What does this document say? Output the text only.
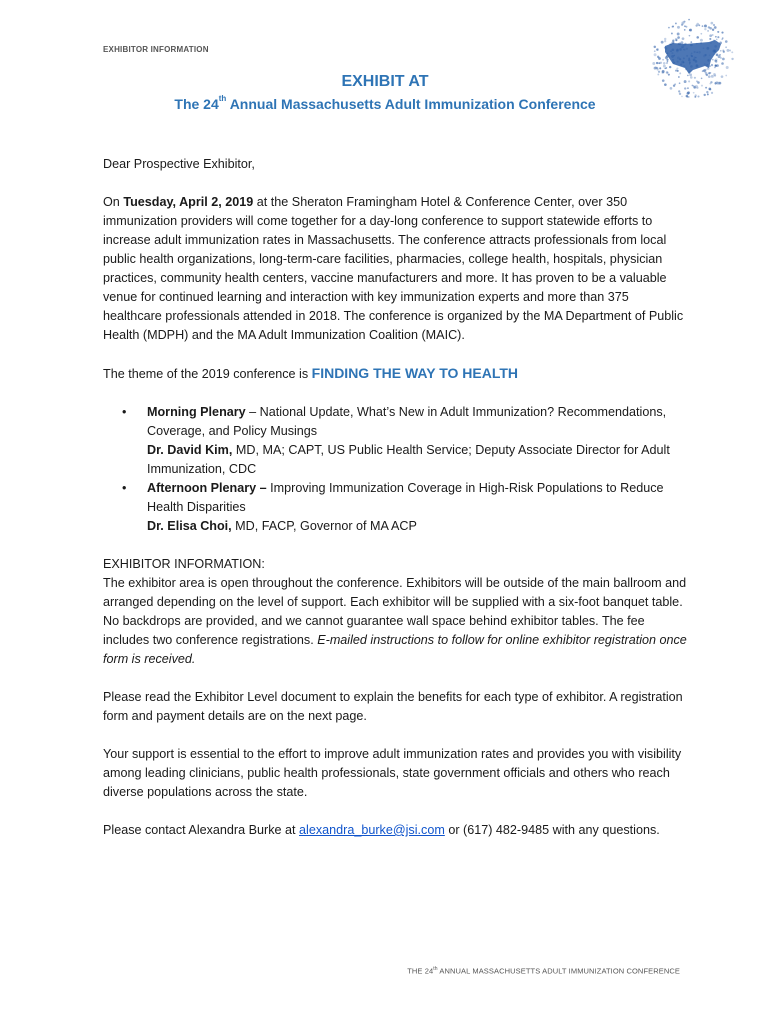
EXHIBITOR INFORMATION
EXHIBIT AT
The 24th Annual Massachusetts Adult Immunization Conference

Dear Prospective Exhibitor,

On Tuesday, April 2, 2019 at the Sheraton Framingham Hotel & Conference Center, over 350 immunization providers will come together for a day-long conference to support statewide efforts to increase adult immunization rates in Massachusetts. The conference attracts professionals from local public health organizations, long-term-care facilities, pharmacies, college health, hospitals, physician practices, community health centers, vaccine manufacturers and more. It has proven to be a valuable venue for continued learning and interaction with key immunization experts and more than 375 healthcare professionals attended in 2018. The conference is organized by the MA Department of Public Health (MDPH) and the MA Adult Immunization Coalition (MAIC).

The theme of the 2019 conference is FINDING THE WAY TO HEALTH

• Morning Plenary – National Update, What’s New in Adult Immunization? Recommendations, Coverage, and Policy Musings
Dr. David Kim, MD, MA; CAPT, US Public Health Service; Deputy Associate Director for Adult Immunization, CDC
• Afternoon Plenary – Improving Immunization Coverage in High-Risk Populations to Reduce Health Disparities
Dr. Elisa Choi, MD, FACP, Governor of MA ACP

EXHIBITOR INFORMATION:

The exhibitor area is open throughout the conference. Exhibitors will be outside of the main ballroom and arranged depending on the level of support. Each exhibitor will be supplied with a six-foot banquet table. No backdrops are provided, and we cannot guarantee wall space behind exhibitor tables. The fee includes two conference registrations. E-mailed instructions to follow for online exhibitor registration once form is received.

Please read the Exhibitor Level document to explain the benefits for each type of exhibitor. A registration form and payment details are on the next page.

Your support is essential to the effort to improve adult immunization rates and provides you with visibility among leading clinicians, public health professionals, state government officials and others who reach diverse populations across the state.

Please contact Alexandra Burke at alexandra_burke@jsi.com or (617) 482-9485 with any questions.

THE 24th ANNUAL MASSACHUSETTS ADULT IMMUNIZATION CONFERENCE
